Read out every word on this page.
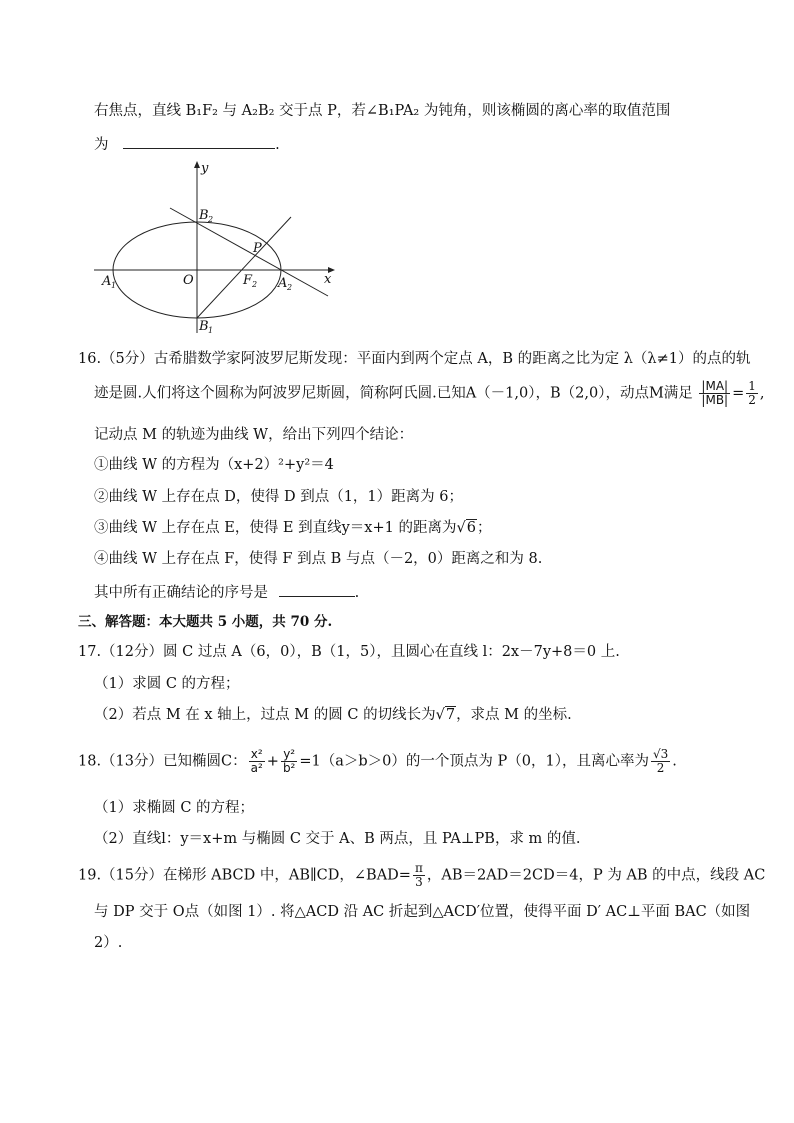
右焦点，直线 B₁F₂ 与 A₂B₂ 交于点 P，若∠B₁PA₂ 为钝角，则该椭圆的离心率的取值范围
为	.
y
x
O
B 2
B 1
A 1	A 2
F 2
P
16.（5分）古希腊数学家阿波罗尼斯发现：平面内到两个定点 A，B 的距离之比为定 λ（λ≠1）的点的轨
迹是圆.人们将这个圆称为阿波罗尼斯圆，简称阿氏圆.已知A（－1,0），B（2,0），动点M满足 $\frac{|MA|}{|MB|} = \frac{1}{2}$ ,
记动点 M 的轨迹为曲线 W，给出下列四个结论：
①曲线 W 的方程为（x+2）²+y²＝4
②曲线 W 上存在点 D，使得 D 到点（1，1）距离为 6；
③曲线 W 上存在点 E，使得 E 到直线y＝x+1 的距离为√6；
④曲线 W 上存在点 F，使得 F 到点 B 与点（－2，0）距离之和为 8.
其中所有正确结论的序号是	.
三、解答题：本大题共 5 小题，共 70 分.
17.（12分）圆 C 过点 A（6，0），B（1，5），且圆心在直线 l：2x－7y+8＝0 上.
（1）求圆 C 的方程；
（2）若点 M 在 x 轴上，过点 M 的圆 C 的切线长为√7，求点 M 的坐标.
18.（13分）已知椭圆C： $\frac{\text{x²}}{\text{a²}} + \frac{\text{y²}}{\text{b²}} =1(a>b>0)$的一个顶点为 P（0，1），且离心率为 $\frac{√3}{2}$ .
（1）求椭圆 C 的方程；
（2）直线l：y＝x+m 与椭圆 C 交于 A、B 两点，且 PA⊥PB，求 m 的值.
19.（15分）在梯形 ABCD 中，AB∥CD，∠BAD= $\frac{\pi}{3}$ ，AB＝2AD＝2CD＝4，P 为 AB 的中点，线段 AC
与 DP 交于 O点（如图 1）. 将△ACD 沿 AC 折起到△ACD′位置，使得平面 D′ AC⊥平面 BAC（如图
2）.
